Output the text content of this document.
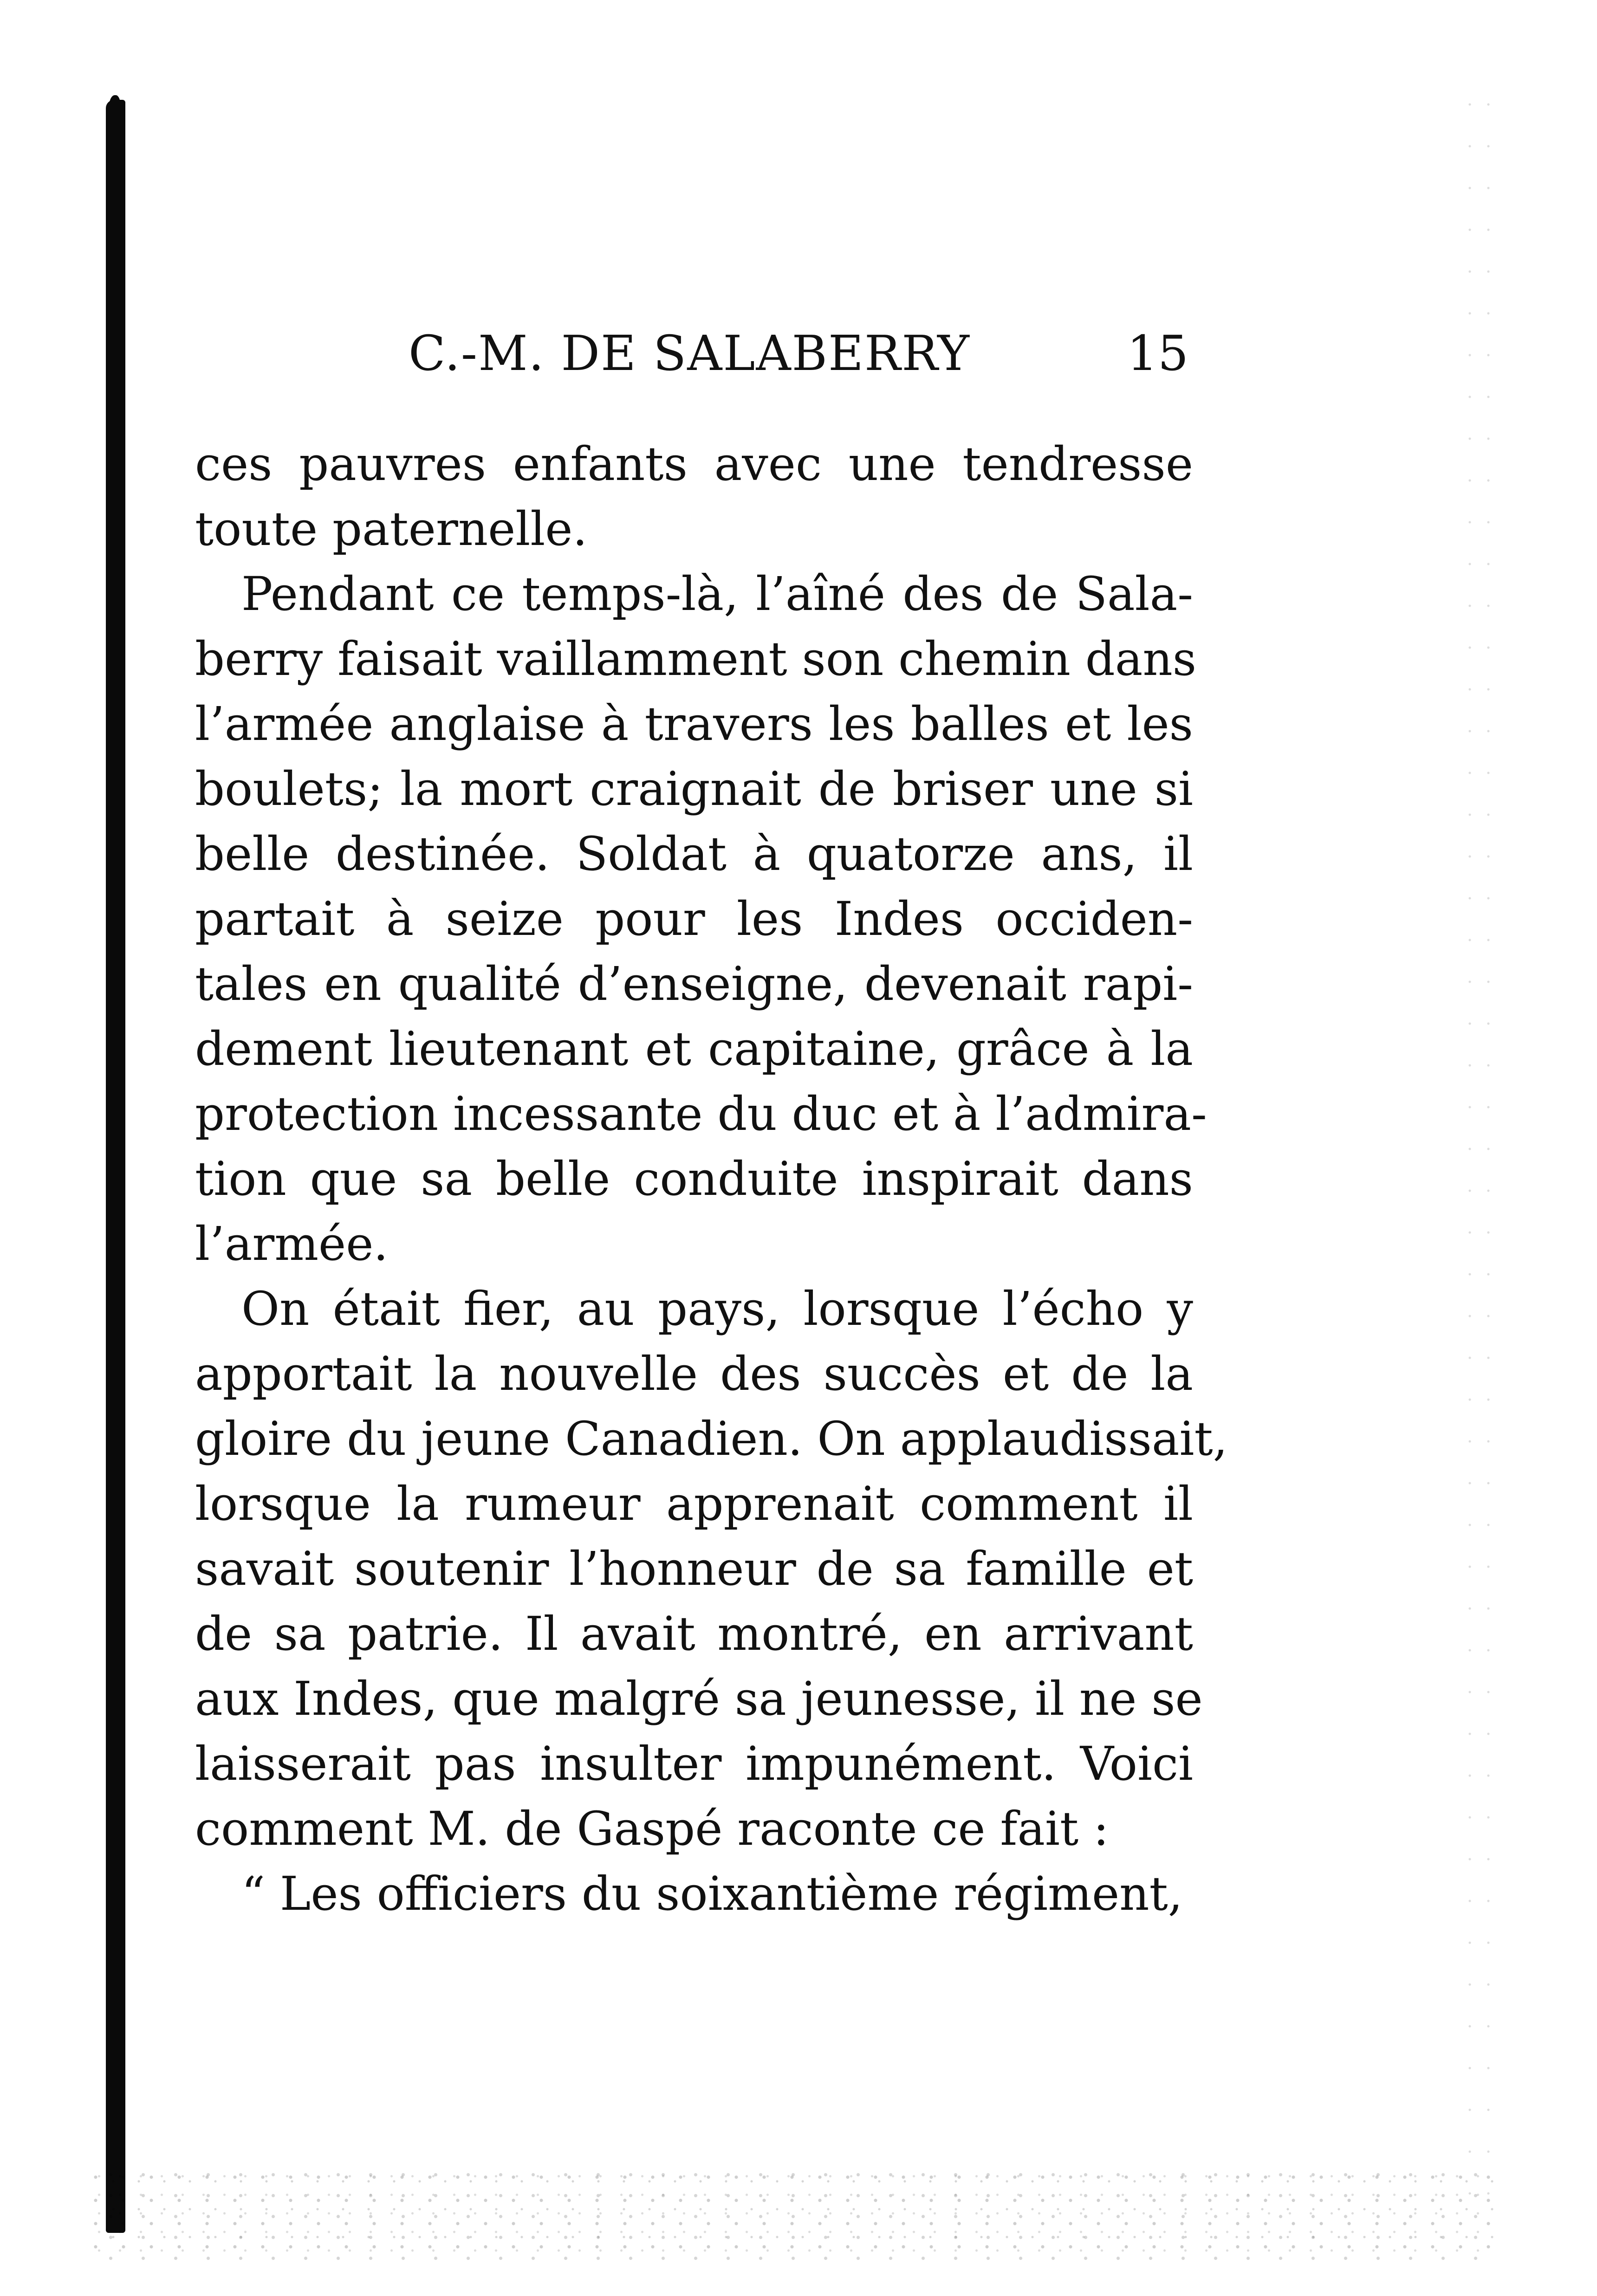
C.-M. DE SALABERRY	15
ces pauvres enfants avec une tendresse
toute paternelle.
Pendant ce temps-là, l’aîné des de Sala-
berry faisait vaillamment son chemin dans
l’armée anglaise à travers les balles et les
boulets; la mort craignait de briser une si
belle destinée. Soldat à quatorze ans, il
partait à seize pour les Indes occiden-
tales en qualité d’enseigne, devenait rapi-
dement lieutenant et capitaine, grâce à la
protection incessante du duc et à l’admira-
tion que sa belle conduite inspirait dans
l’armée.
On était fier, au pays, lorsque l’écho y
apportait la nouvelle des succès et de la
gloire du jeune Canadien. On applaudissait,
lorsque la rumeur apprenait comment il
savait soutenir l’honneur de sa famille et
de sa patrie. Il avait montré, en arrivant
aux Indes, que malgré sa jeunesse, il ne se
laisserait pas insulter impunément. Voici
comment M. de Gaspé raconte ce fait :
“ Les officiers du soixantième régiment,
